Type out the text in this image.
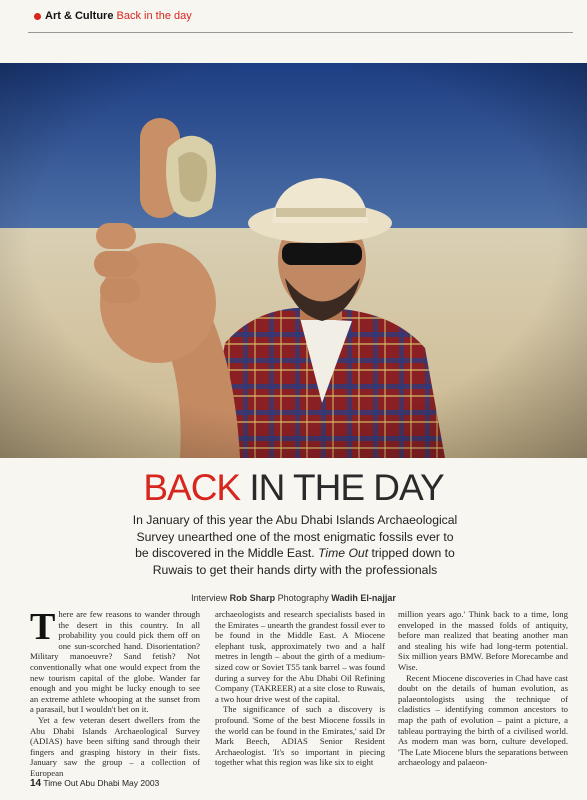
Art & Culture Back in the day
BACK IN THE DAY
In January of this year the Abu Dhabi Islands Archaeological Survey unearthed one of the most enigmatic fossils ever to be discovered in the Middle East. Time Out tripped down to Ruwais to get their hands dirty with the professionals
Interview Rob Sharp Photography Wadih El-najjar

There are few reasons to wander through the desert in this country. In all probability you could pick them off on one sun-scorched hand. Disorientation? Military manoeuvre? Sand fetish? Not conventionally what one would expect from the new tourism capital of the globe. Wander far enough and you might be lucky enough to see an extreme athlete whooping at the sunset from a parasail, but I wouldn't bet on it.

Yet a few veteran desert dwellers from the Abu Dhabi Islands Archaeological Survey (ADIAS) have been sifting sand through their fingers and grasping history in their fists. January saw the group – a collection of European

archaeologists and research specialists based in the Emirates – unearth the grandest fossil ever to be found in the Middle East. A Miocene elephant tusk, approximately two and a half metres in length – about the girth of a medium-sized cow or Soviet T55 tank barrel – was found during a survey for the Abu Dhabi Oil Refining Company (TAKREER) at a site close to Ruwais, a two hour drive west of the capital.

The significance of such a discovery is profound. 'Some of the best Miocene fossils in the world can be found in the Emirates,' said Dr Mark Beech, ADIAS Senior Resident Archaeologist. 'It's so important in piecing together what this region was like six to eight

million years ago.' Think back to a time, long enveloped in the massed folds of antiquity, before man realized that beating another man and stealing his wife had long-term potential. Six million years BMW. Before Morecambe and Wise.

Recent Miocene discoveries in Chad have cast doubt on the details of human evolution, as palaeontologists using the technique of cladistics – identifying common ancestors to map the path of evolution – paint a picture, a tableau portraying the birth of a civilised world. As modern man was born, culture developed. 'The Late Miocene blurs the separations between archaeology and palaeon-

14 Time Out Abu Dhabi May 2003
